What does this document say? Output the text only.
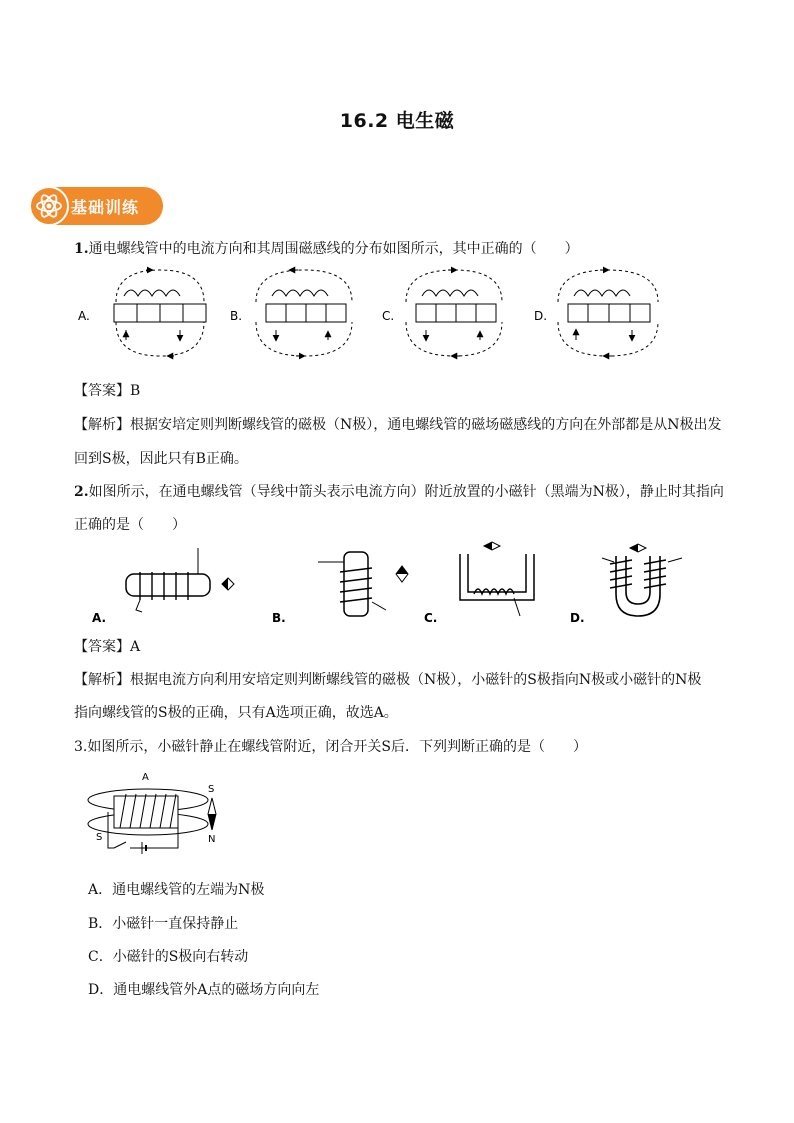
16.2 电生磁
基础训练
1.通电螺线管中的电流方向和其周围磁感线的分布如图所示，其中正确的（　　）
A.	B.	C.	D.
【答案】B
【解析】根据安培定则判断螺线管的磁极（N极），通电螺线管的磁场磁感线的方向在外部都是从N极出发
回到S极，因此只有B正确。
2.如图所示，在通电螺线管（导线中箭头表示电流方向）附近放置的小磁针（黑端为N极），静止时其指向
正确的是（　　）
A.	B.	C.	D.
【答案】A
【解析】根据电流方向利用安培定则判断螺线管的磁极（N极），小磁针的S极指向N极或小磁针的N极
指向螺线管的S极的正确，只有A选项正确，故选A。
3.如图所示，小磁针静止在螺线管附近，闭合开关S后．下列判断正确的是（　　）
A
S
S
N
A．通电螺线管的左端为N极
B．小磁针一直保持静止
C．小磁针的S极向右转动
D．通电螺线管外A点的磁场方向向左
